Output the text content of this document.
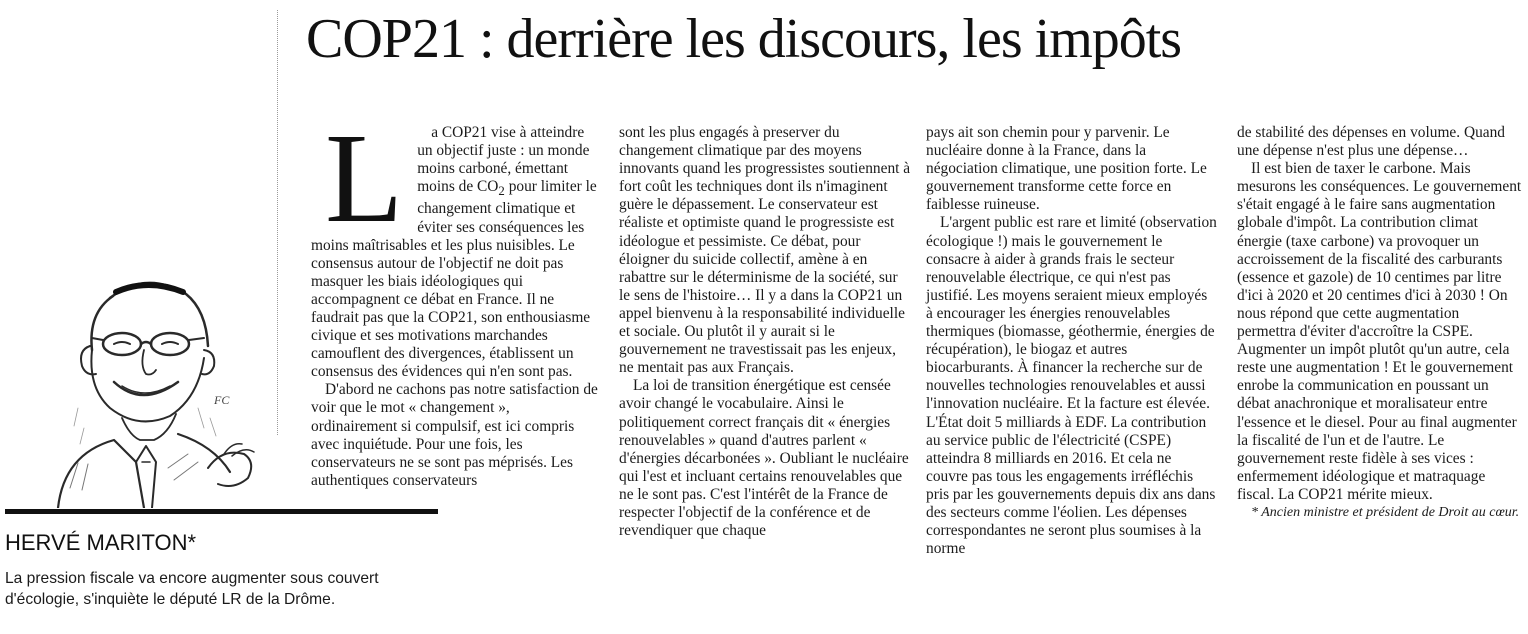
COP21 : derrière les discours, les impôts

L a COP21 vise à atteindre un objectif juste : un monde moins carboné, émettant moins de $CO_2$ pour limiter le changement climatique et éviter ses conséquences les moins maîtrisables et les plus nuisibles. Le consensus autour de l'objectif ne doit pas masquer les biais idéologiques qui accompagnent ce débat en France. Il ne faudrait pas que la COP21, son enthousiasme civique et ses motivations marchandes camouflent des divergences, établissent un consensus des évidences qui n'en sont pas.

D'abord ne cachons pas notre satisfaction de voir que le mot « changement », ordinairement si compulsif, est ici compris avec inquiétude. Pour une fois, les conservateurs ne se sont pas méprisés. Les authentiques conservateurs

sont les plus engagés à preserver du changement climatique par des moyens innovants quand les progressistes soutiennent à fort coût les techniques dont ils n'imaginent guère le dépassement. Le conservateur est réaliste et optimiste quand le progressiste est idéologue et pessimiste. Ce débat, pour éloigner du suicide collectif, amène à en rabattre sur le déterminisme de la société, sur le sens de l'histoire… Il y a dans la COP21 un appel bienvenu à la responsabilité individuelle et sociale. Ou plutôt il y aurait si le gouvernement ne travestissait pas les enjeux, ne mentait pas aux Français.

La loi de transition énergétique est censée avoir changé le vocabulaire. Ainsi le politiquement correct français dit « énergies renouvelables » quand d'autres parlent « d'énergies décarbonées ». Oubliant le nucléaire qui l'est et incluant certains renouvelables que ne le sont pas. C'est l'intérêt de la France de respecter l'objectif de la conférence et de revendiquer que chaque

pays ait son chemin pour y parvenir. Le nucléaire donne à la France, dans la négociation climatique, une position forte. Le gouvernement transforme cette force en faiblesse ruineuse.

L'argent public est rare et limité (observation écologique !) mais le gouvernement le consacre à aider à grands frais le secteur renouvelable électrique, ce qui n'est pas justifié. Les moyens seraient mieux employés à encourager les énergies renouvelables thermiques (biomasse, géothermie, énergies de récupération), le biogaz et autres biocarburants. À financer la recherche sur de nouvelles technologies renouvelables et aussi l'innovation nucléaire. Et la facture est élevée. L'État doit 5 milliards à EDF. La contribution au service public de l'électricité (CSPE) atteindra 8 milliards en 2016. Et cela ne couvre pas tous les engagements irréfléchis pris par les gouvernements depuis dix ans dans des secteurs comme l'éolien. Les dépenses correspondantes ne seront plus soumises à la norme

de stabilité des dépenses en volume. Quand une dépense n'est plus une dépense…

Il est bien de taxer le carbone. Mais mesurons les conséquences. Le gouvernement s'était engagé à le faire sans augmentation globale d'impôt. La contribution climat énergie (taxe carbone) va provoquer un accroissement de la fiscalité des carburants (essence et gazole) de 10 centimes par litre d'ici à 2020 et 20 centimes d'ici à 2030 ! On nous répond que cette augmentation permettra d'éviter d'accroître la CSPE. Augmenter un impôt plutôt qu'un autre, cela reste une augmentation ! Et le gouvernement enrobe la communication en poussant un débat anachronique et moralisateur entre l'essence et le diesel. Pour au final augmenter la fiscalité de l'un et de l'autre. Le gouvernement reste fidèle à ses vices : enfermement idéologique et matraquage fiscal. La COP21 mérite mieux.

* Ancien ministre et président de Droit au cœur.

FC
HERVÉ MARITON*

La pression fiscale va encore augmenter sous couvert d'écologie, s'inquiète le député LR de la Drôme.
